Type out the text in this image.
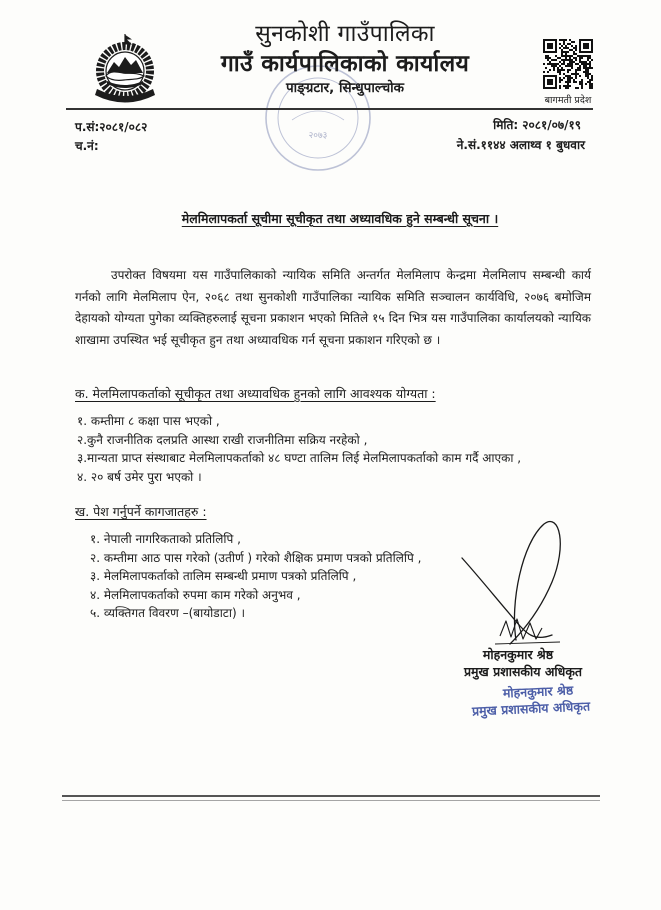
२०७३
सुनकोशी गाउँपालिका
गाउँ कार्यपालिकाको कार्यालय
पाङ्ग्रटार, सिन्धुपाल्चोक
बागमती प्रदेश
प.सं:२०८१/०८२
च.नं:
मिति: २०८१/०७/१९
ने.सं.११४४ अलाथ्व १ बुधवार
मेलमिलापकर्ता सूचीमा सूचीकृत तथा अध्यावधिक हुने सम्बन्धी सूचना ।
उपरोक्त विषयमा यस गाउँपालिकाको न्यायिक समिति अन्तर्गत मेलमिलाप केन्द्रमा मेलमिलाप सम्बन्धी कार्य गर्नको लागि मेलमिलाप ऐन, २०६८ तथा सुनकोशी गाउँपालिका न्यायिक समिति सञ्चालन कार्यविधि, २०७६ बमोजिम देहायको योग्यता पुगेका व्यक्तिहरुलाई सूचना प्रकाशन भएको मितिले १५ दिन भित्र यस गाउँपालिका कार्यालयको न्यायिक शाखामा उपस्थित भई सूचीकृत हुन तथा अध्यावधिक गर्न सूचना प्रकाशन गरिएको छ ।
क. मेलमिलापकर्ताको सूचीकृत तथा अध्यावधिक हुनको लागि आवश्यक योग्यता :
१. कम्तीमा ८ कक्षा पास भएको ,
२.कुनै राजनीतिक दलप्रति आस्था राखी राजनीतिमा सक्रिय नरहेको ,
३.मान्यता प्राप्त संस्थाबाट मेलमिलापकर्ताको ४८ घण्टा तालिम लिई मेलमिलापकर्ताको काम गर्दै आएका ,
४. २० बर्ष उमेर पुरा भएको ।
ख. पेश गर्नुपर्ने कागजातहरु :
१. नेपाली नागरिकताको प्रतिलिपि ,
२. कम्तीमा आठ पास गरेको (उतीर्ण ) गरेको शैक्षिक प्रमाण पत्रको प्रतिलिपि ,
३. मेलमिलापकर्ताको तालिम सम्बन्धी प्रमाण पत्रको प्रतिलिपि ,
४. मेलमिलापकर्ताको रुपमा काम गरेको अनुभव ,
५. व्यक्तिगत विवरण –(बायोडाटा) ।
मोहनकुमार श्रेष्ठ
प्रमुख प्रशासकीय अधिकृत
मोहनकुमार श्रेष्ठ
प्रमुख प्रशासकीय अधिकृत
